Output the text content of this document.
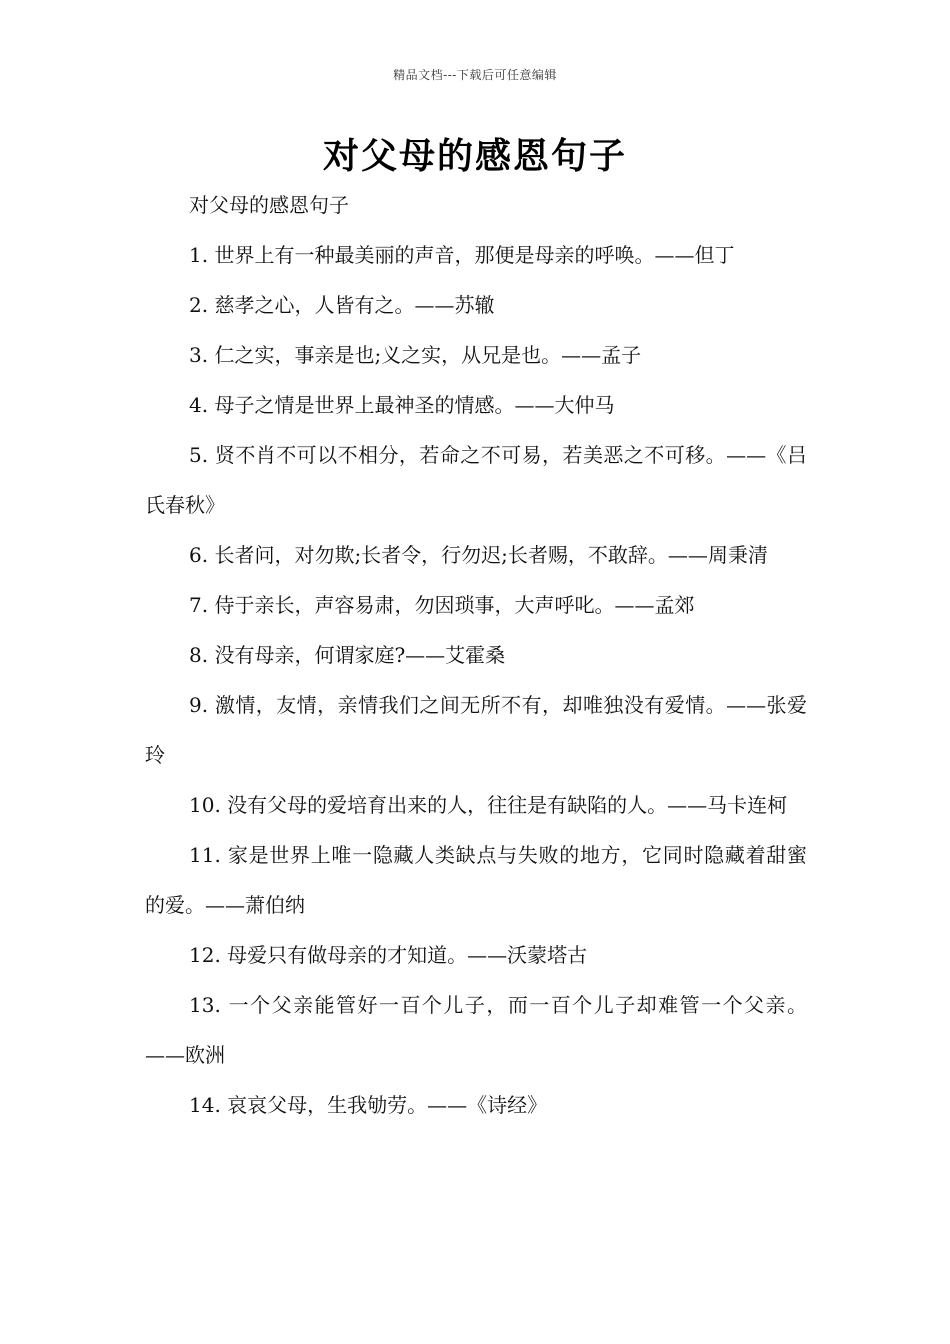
精品文档---下载后可任意编辑
对父母的感恩句子

对父母的感恩句子

1. 世界上有一种最美丽的声音，那便是母亲的呼唤。——但丁

2. 慈孝之心，人皆有之。——苏辙

3. 仁之实，事亲是也;义之实，从兄是也。——孟子

4. 母子之情是世界上最神圣的情感。——大仲马

5. 贤不肖不可以不相分，若命之不可易，若美恶之不可移。——《吕氏春秋》

6. 长者问，对勿欺;长者令，行勿迟;长者赐，不敢辞。——周秉清

7. 侍于亲长，声容易肃，勿因琐事，大声呼叱。——孟郊

8. 没有母亲，何谓家庭?——艾霍桑

9. 激情，友情，亲情我们之间无所不有，却唯独没有爱情。——张爱玲

10. 没有父母的爱培育出来的人，往往是有缺陷的人。——马卡连柯

11. 家是世界上唯一隐藏人类缺点与失败的地方，它同时隐藏着甜蜜的爱。——萧伯纳

12. 母爱只有做母亲的才知道。——沃蒙塔古

13. 一个父亲能管好一百个儿子，而一百个儿子却难管一个父亲。——欧洲

14. 哀哀父母，生我劬劳。——《诗经》
